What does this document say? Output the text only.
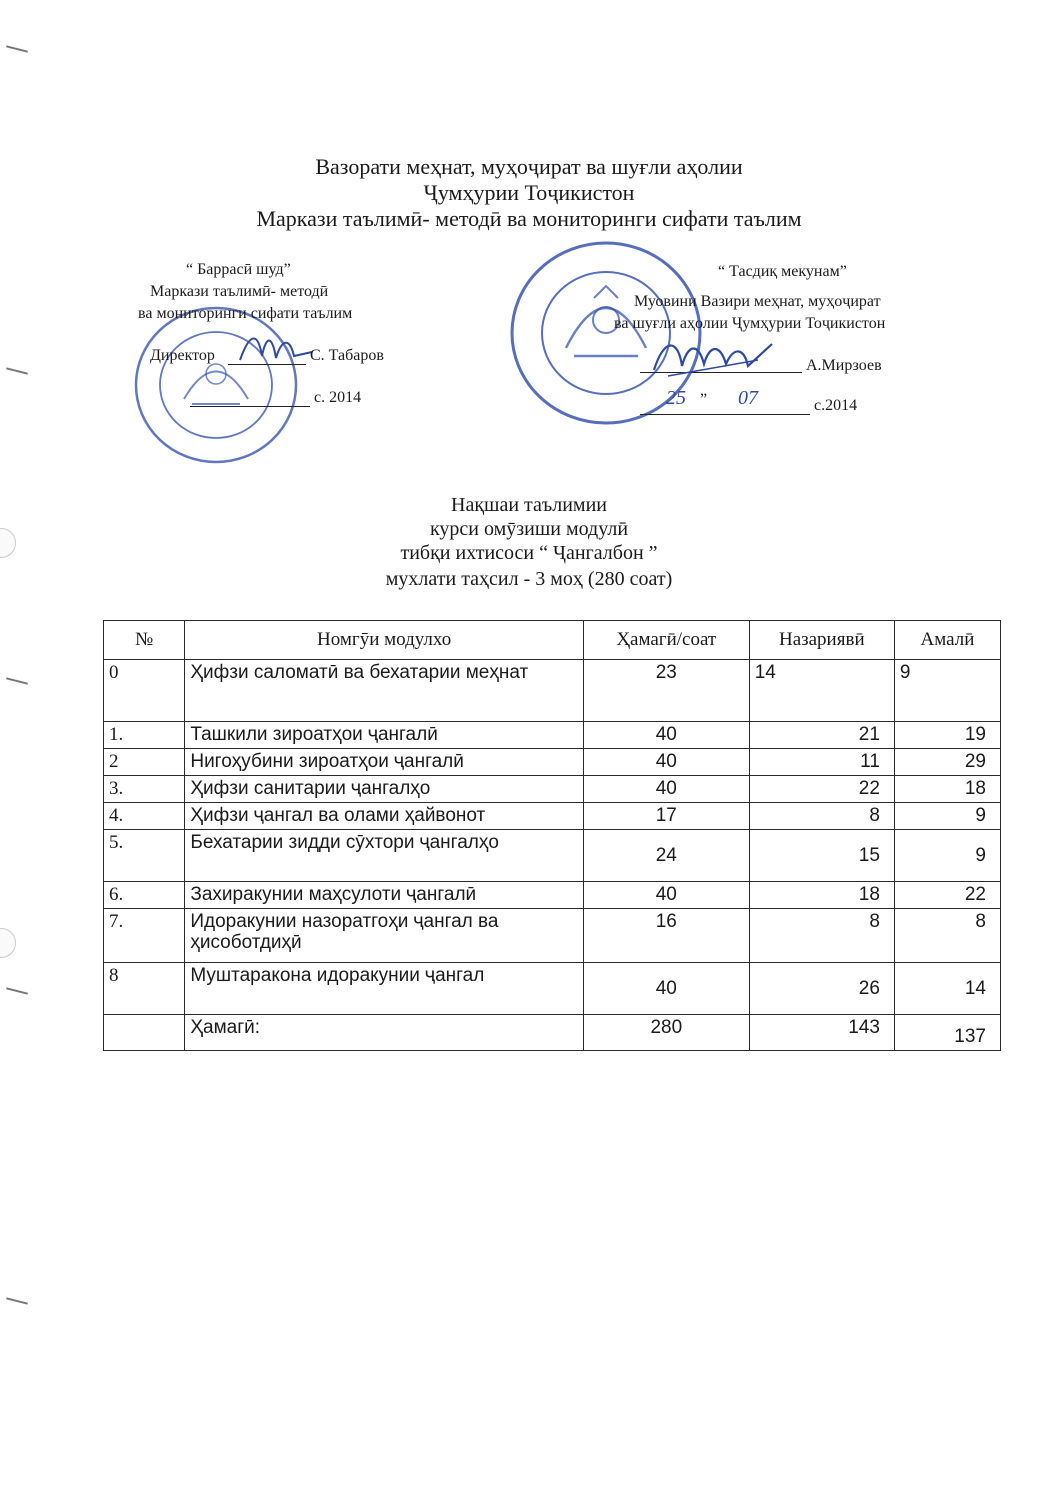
Вазорати меҳнат, муҳоҷират ва шуғли аҳолии
Ҷумҳурии Тоҷикистон
Маркази таълимӣ- методӣ ва мониторинги сифати таълим
“ Баррасӣ шуд”
Маркази таълимӣ- методӣ
ва мониторинги сифати таълим
Директор	С. Табаров
с. 2014
“ Тасдиқ мекунам”
Муовини Вазири меҳнат, муҳоҷират
ва шуғли аҳолии Ҷумҳурии Тоҷикистон
А.Мирзоев
25 ” 07	с.2014
Нақшаи таълимии
курси омӯзиши модулӣ
тибқи ихтисоси “ Ҷангалбон ”
мухлати таҳсил - 3 моҳ (280 соат)
№	Номгӯи модулхо	Ҳамагӣ/соат	Назариявӣ	Амалӣ
0	Ҳифзи саломатӣ ва бехатарии меҳнат	23	14	9
1.	Ташкили зироатҳои ҷангалӣ	40	21	19
2	Нигоҳубини зироатҳои ҷангалӣ	40	11	29
3.	Ҳифзи санитарии ҷангалҳо	40	22	18
4.	Ҳифзи ҷангал ва олами ҳайвонот	17	8	9
5.	Бехатарии зидди сӯхтори ҷангалҳо	24	15	9
6.	Захиракунии маҳсулоти ҷангалӣ	40	18	22
7.	Идоракунии назоратгоҳи ҷангал ва ҳисоботдиҳӣ	16	8	8
8	Муштаракона идоракунии ҷангал	40	26	14
	Ҳамагӣ:	280	143	137
